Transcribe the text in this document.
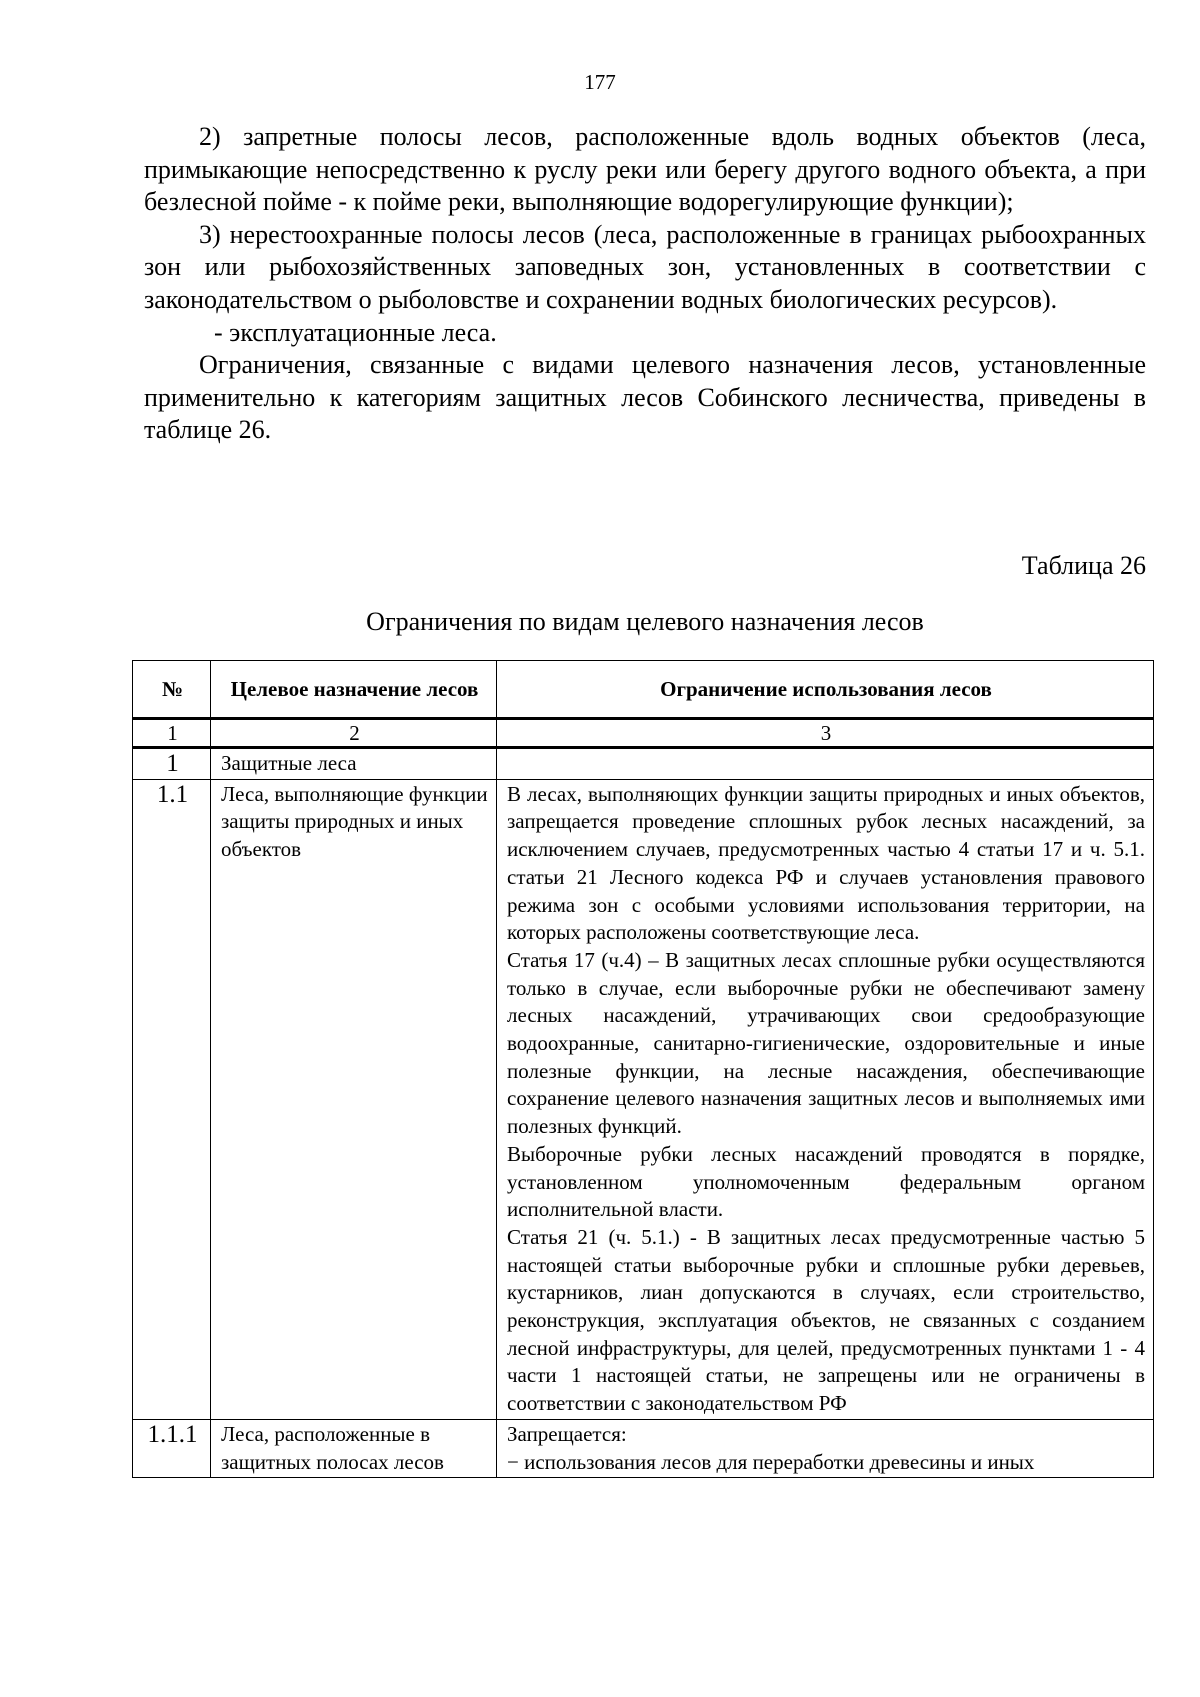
177

2) запретные полосы лесов, расположенные вдоль водных объектов (леса, примыкающие непосредственно к руслу реки или берегу другого водного объекта, а при безлесной пойме - к пойме реки, выполняющие водорегулирующие функции);

3) нерестоохранные полосы лесов (леса, расположенные в границах рыбоохранных зон или рыбохозяйственных заповедных зон, установленных в соответствии с законодательством о рыболовстве и сохранении водных биологических ресурсов).

- эксплуатационные леса.

Ограничения, связанные с видами целевого назначения лесов, установленные применительно к категориям защитных лесов Собинского лесничества, приведены в таблице 26.

Таблица 26
Ограничения по видам целевого назначения лесов
№	Целевое назначение лесов	Ограничение использования лесов
1	2	3
1	Защитные леса	
1.1	Леса, выполняющие функции защиты природных и иных объектов	В лесах, выполняющих функции защиты природных и иных объектов, запрещается проведение сплошных рубок лесных насаждений, за исключением случаев, предусмотренных частью 4 статьи 17 и ч. 5.1. статьи 21 Лесного кодекса РФ и случаев установления правового режима зон с особыми условиями использования территории, на которых расположены соответствующие леса.
Статья 17 (ч.4) – В защитных лесах сплошные рубки осуществляются только в случае, если выборочные рубки не обеспечивают замену лесных насаждений, утрачивающих свои средообразующие водоохранные, санитарно-гигиенические, оздоровительные и иные полезные функции, на лесные насаждения, обеспечивающие сохранение целевого назначения защитных лесов и выполняемых ими полезных функций.
Выборочные рубки лесных насаждений проводятся в порядке, установленном уполномоченным федеральным органом исполнительной власти.
Статья 21 (ч. 5.1.) - В защитных лесах предусмотренные частью 5 настоящей статьи выборочные рубки и сплошные рубки деревьев, кустарников, лиан допускаются в случаях, если строительство, реконструкция, эксплуатация объектов, не связанных с созданием лесной инфраструктуры, для целей, предусмотренных пунктами 1 - 4 части 1 настоящей статьи, не запрещены или не ограничены в соответствии с законодательством РФ

1.1.1	Леса, расположенные в защитных полосах лесов	Запрещается:
− использования лесов для переработки древесины и иных
